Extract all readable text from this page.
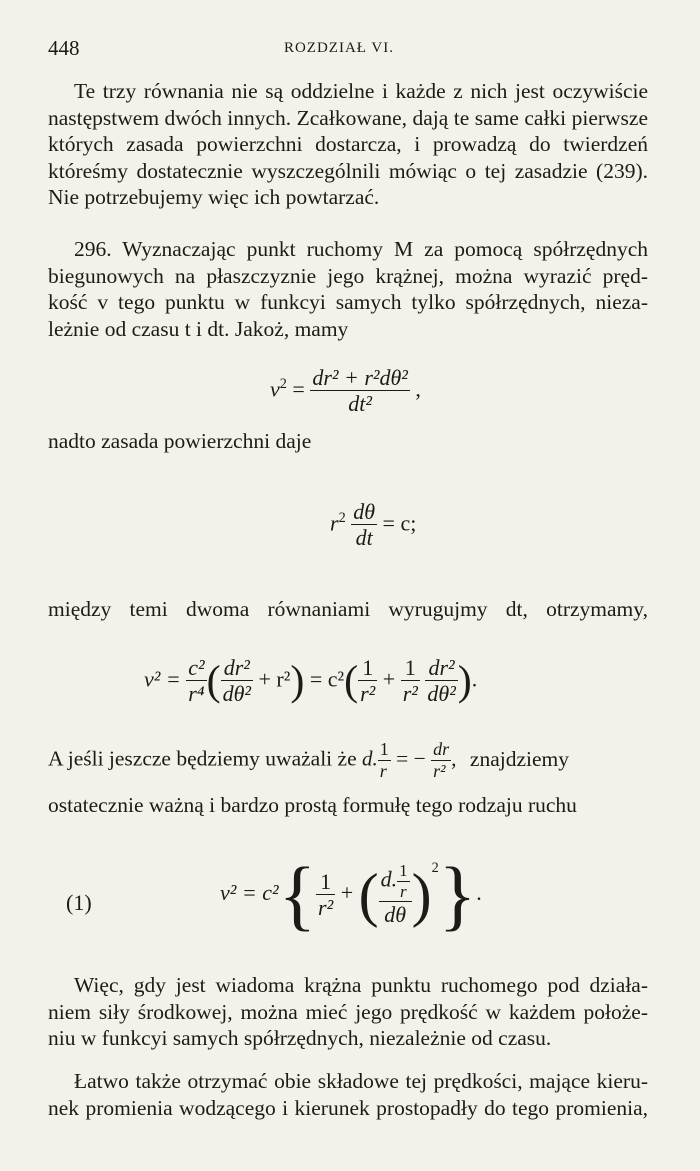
448	ROZDZIAŁ VI.
Te trzy równania nie są oddzielne i każde z nich jest oczywiście
następstwem dwóch innych. Zcałkowane, dają te same całki pierwsze
których zasada powierzchni dostarcza, i prowadzą do twierdzeń
któreśmy dostatecznie wyszczególnili mówiąc o tej zasadzie (239).
Nie potrzebujemy więc ich powtarzać.
296. Wyznaczając punkt ruchomy M za pomocą spółrzędnych
biegunowych na płaszczyznie jego krążnej, można wyrazić pręd-
kość v tego punktu w funkcyi samych tylko spółrzędnych, nieza-
leżnie od czasu t i dt. Jakoż, mamy
$v^2 = \frac{\text{dr² + r²dθ²}}{\text{dt²}}$ ,
nadto zasada powierzchni daje
$r^2 \frac{d\theta}{dt} = c$;
między temi dwoma równaniami wyrugujmy dt, otrzymamy,
$v^2 = \frac{\text{c²}}{\text{r⁴}}$ ( $\frac{\text{dr²}}{\text{dθ²}} + r^2) = c^2( \frac{1}{\text{r²}} + \frac{1}{\text{r²}}$
$\frac{\text{dr²}}{\text{dθ²}}$ ).
A jeśli jeszcze będziemy uważali że d. $\frac{1}{r}$ = − $\frac{dr}{\text{r²}}$ , znajdziemy
ostatecznie ważną i bardzo prostą formułę tego rodzaju ruchu
(1)	$v^2 = c^2\{ \frac{1}{\text{r²}}$ + ( $\frac{d. \frac{1}{r}}{d\theta} )^2$}.
Więc, gdy jest wiadoma krążna punktu ruchomego pod działa-
niem siły środkowej, można mieć jego prędkość w każdem położe-
niu w funkcyi samych spółrzędnych, niezależnie od czasu.
Łatwo także otrzymać obie składowe tej prędkości, mające kieru-
nek promienia wodzącego i kierunek prostopadły do tego promienia,
